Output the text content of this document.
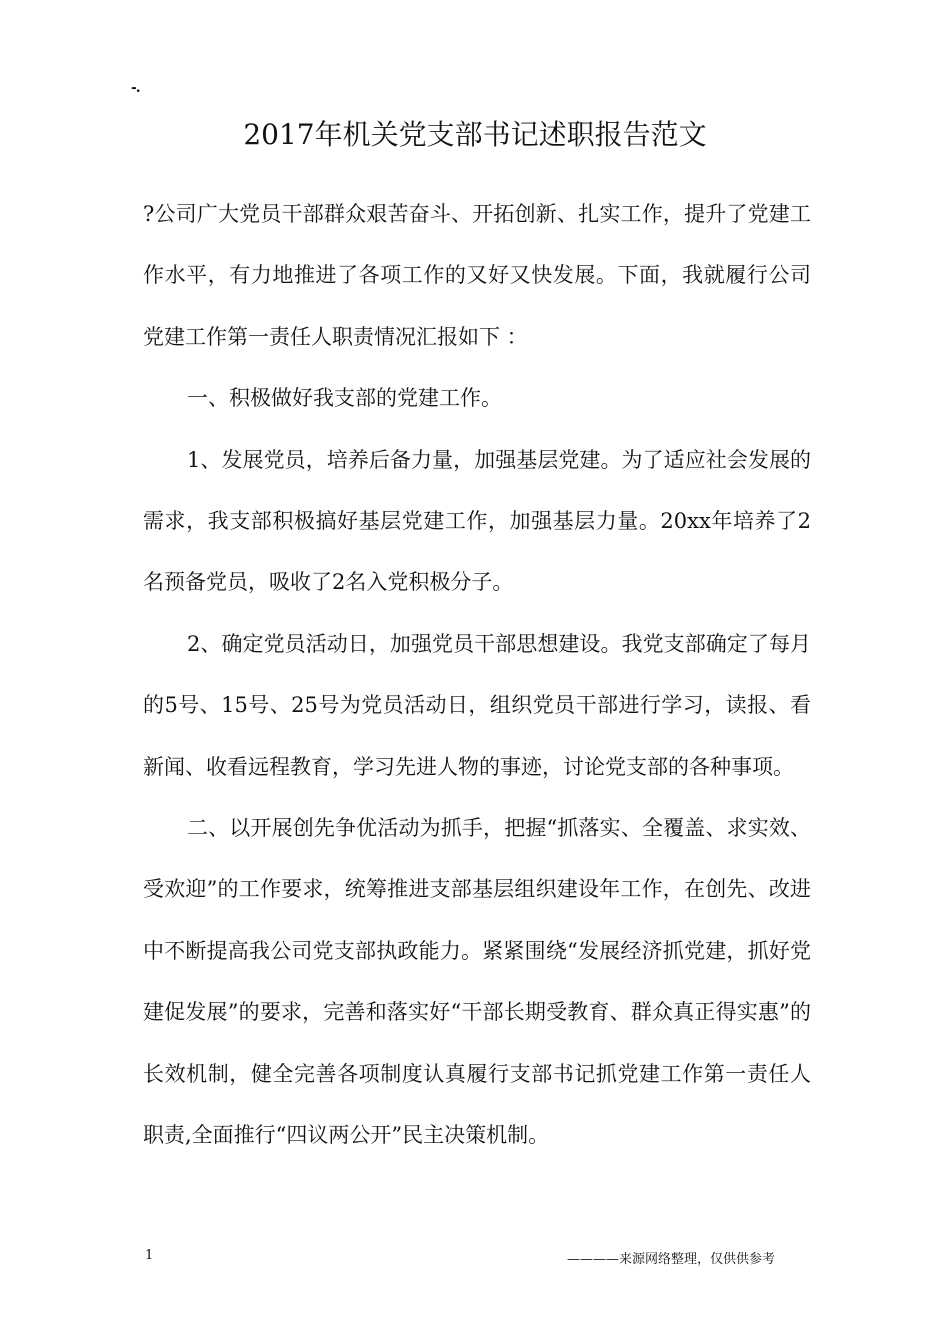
-.
2017年机关党支部书记述职报告范文

?公司广大党员干部群众艰苦奋斗、开拓创新、扎实工作，提升了党建工作水平，有力地推进了各项工作的又好又快发展。下面，我就履行公司党建工作第一责任人职责情况汇报如下 ：

一、积极做好我支部的党建工作。

1、发展党员，培养后备力量，加强基层党建。为了适应社会发展的需求，我支部积极搞好基层党建工作，加强基层力量。20xx年培养了2名预备党员，吸收了2名入党积极分子。

2、确定党员活动日，加强党员干部思想建设。我党支部确定了每月的5号、15号、25号为党员活动日，组织党员干部进行学习，读报、看新闻、收看远程教育，学习先进人物的事迹，讨论党支部的各种事项。

二、以开展创先争优活动为抓手，把握“抓落实、全覆盖、求实效、受欢迎”的工作要求，统筹推进支部基层组织建设年工作，在创先、改进中不断提高我公司党支部执政能力。紧紧围绕“发展经济抓党建，抓好党建促发展”的要求，完善和落实好“干部长期受教育、群众真正得实惠”的长效机制，健全完善各项制度认真履行支部书记抓党建工作第一责任人职责,全面推行“四议两公开”民主决策机制。

1	————来源网络整理，仅供供参考
